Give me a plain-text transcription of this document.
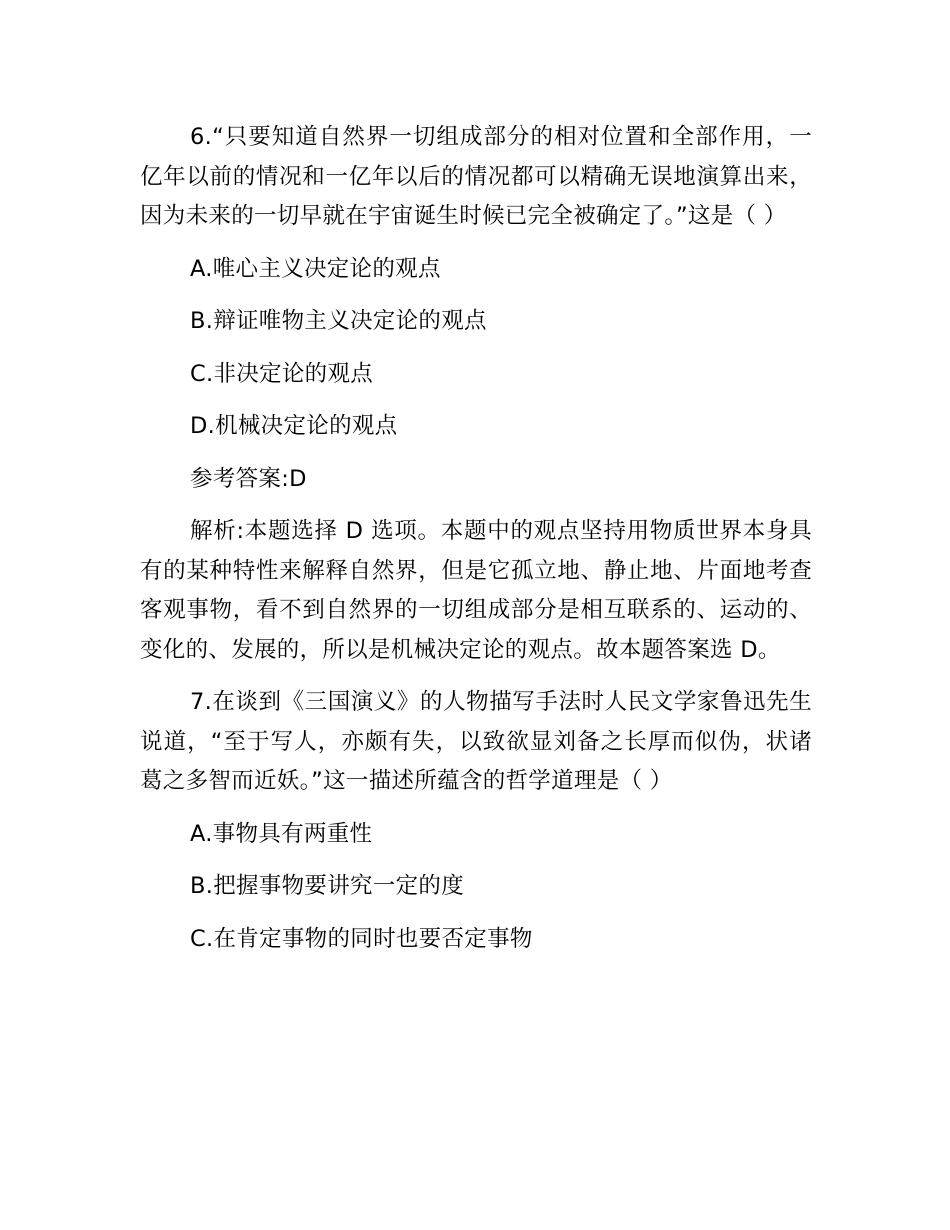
6.“只要知道自然界一切组成部分的相对位置和全部作用，一亿年以前的情况和一亿年以后的情况都可以精确无误地演算出来，因为未来的一切早就在宇宙诞生时候已完全被确定了。”这是（ ）

A.唯心主义决定论的观点

B.辩证唯物主义决定论的观点

C.非决定论的观点

D.机械决定论的观点

参考答案:D

解析:本题选择 D 选项。本题中的观点坚持用物质世界本身具有的某种特性来解释自然界，但是它孤立地、静止地、片面地考查客观事物，看不到自然界的一切组成部分是相互联系的、运动的、变化的、发展的，所以是机械决定论的观点。故本题答案选 D。

7.在谈到《三国演义》的人物描写手法时人民文学家鲁迅先生说道，“至于写人，亦颇有失，以致欲显刘备之长厚而似伪，状诸葛之多智而近妖。”这一描述所蕴含的哲学道理是（ ）

A.事物具有两重性

B.把握事物要讲究一定的度

C.在肯定事物的同时也要否定事物
